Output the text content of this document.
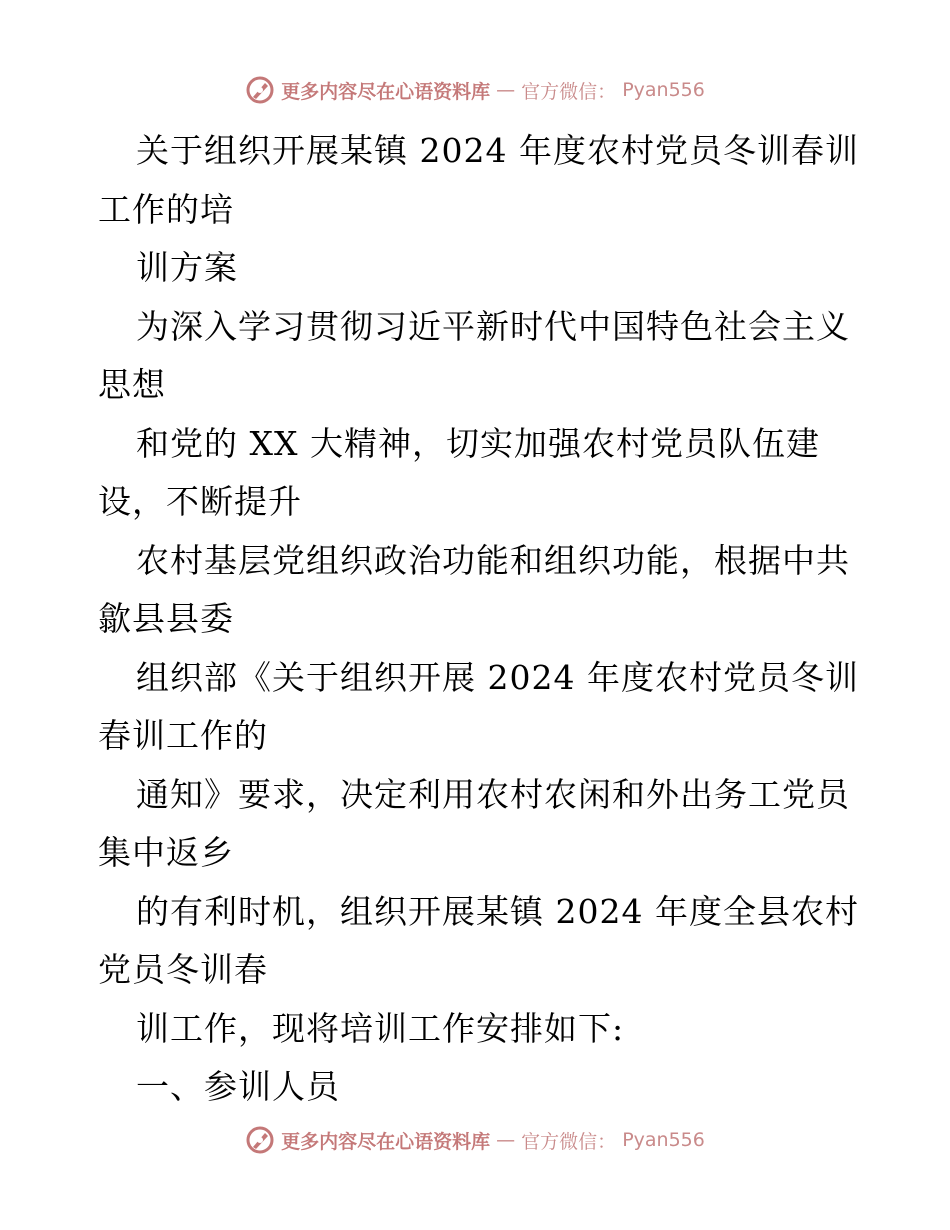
更多内容尽在心语资料库 — 官方微信： Pyan556
关于组织开展某镇 2024 年度农村党员冬训春训
工作的培
训方案
为深入学习贯彻习近平新时代中国特色社会主义
思想
和党的 XX 大精神，切实加强农村党员队伍建
设，不断提升
农村基层党组织政治功能和组织功能，根据中共
歙县县委
组织部《关于组织开展 2024 年度农村党员冬训
春训工作的
通知》要求，决定利用农村农闲和外出务工党员
集中返乡
的有利时机，组织开展某镇 2024 年度全县农村
党员冬训春
训工作，现将培训工作安排如下:
一、参训人员
更多内容尽在心语资料库 — 官方微信： Pyan556
